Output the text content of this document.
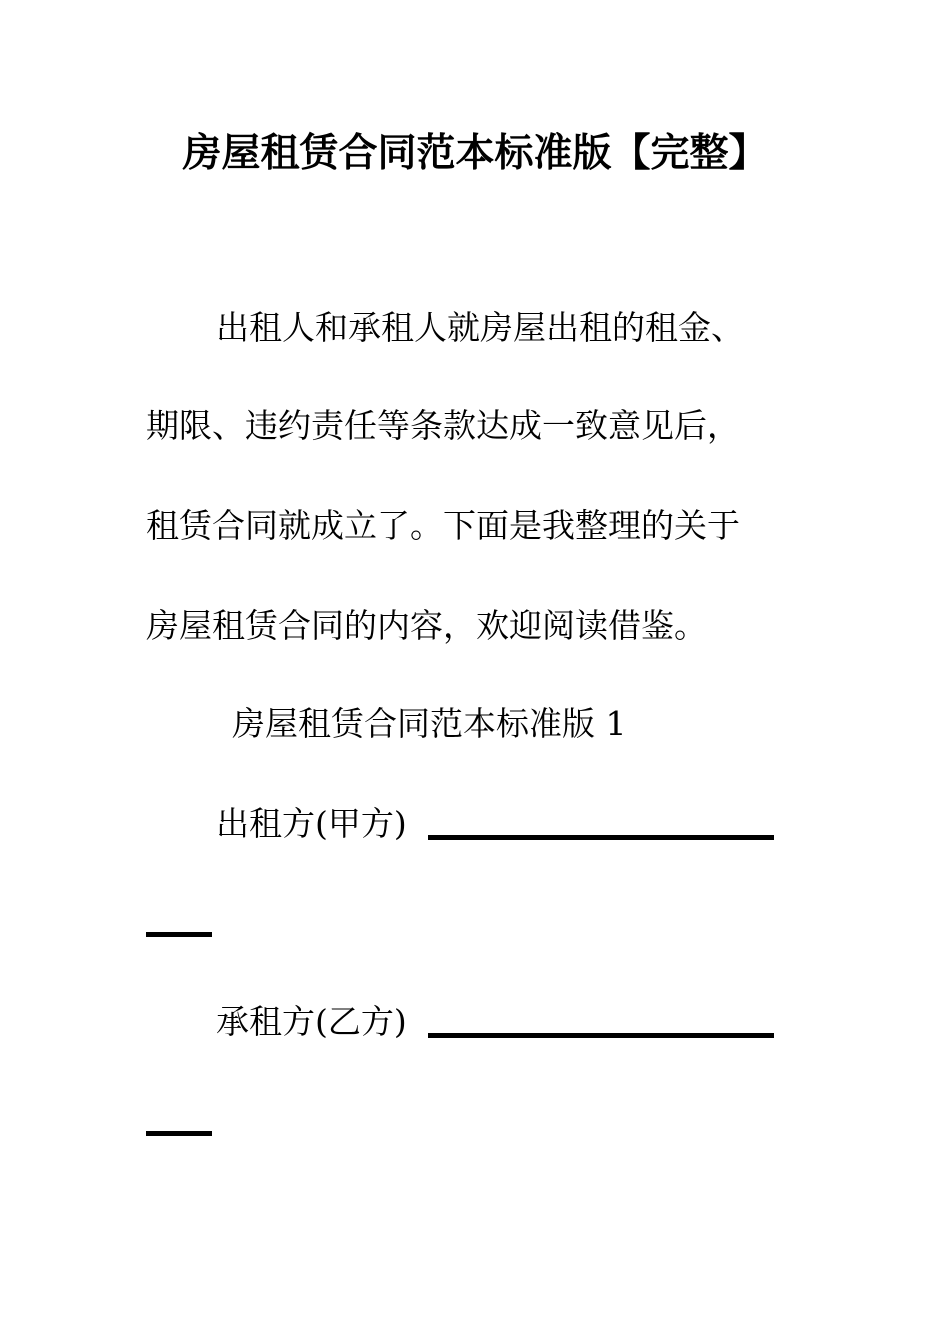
房屋租赁合同范本标准版【完整】
出租人和承租人就房屋出租的租金、
期限、违约责任等条款达成一致意见后，
租赁合同就成立了。下面是我整理的关于
房屋租赁合同的内容，欢迎阅读借鉴。
房屋租赁合同范本标准版 1
出租方(甲方)
承租方(乙方)
